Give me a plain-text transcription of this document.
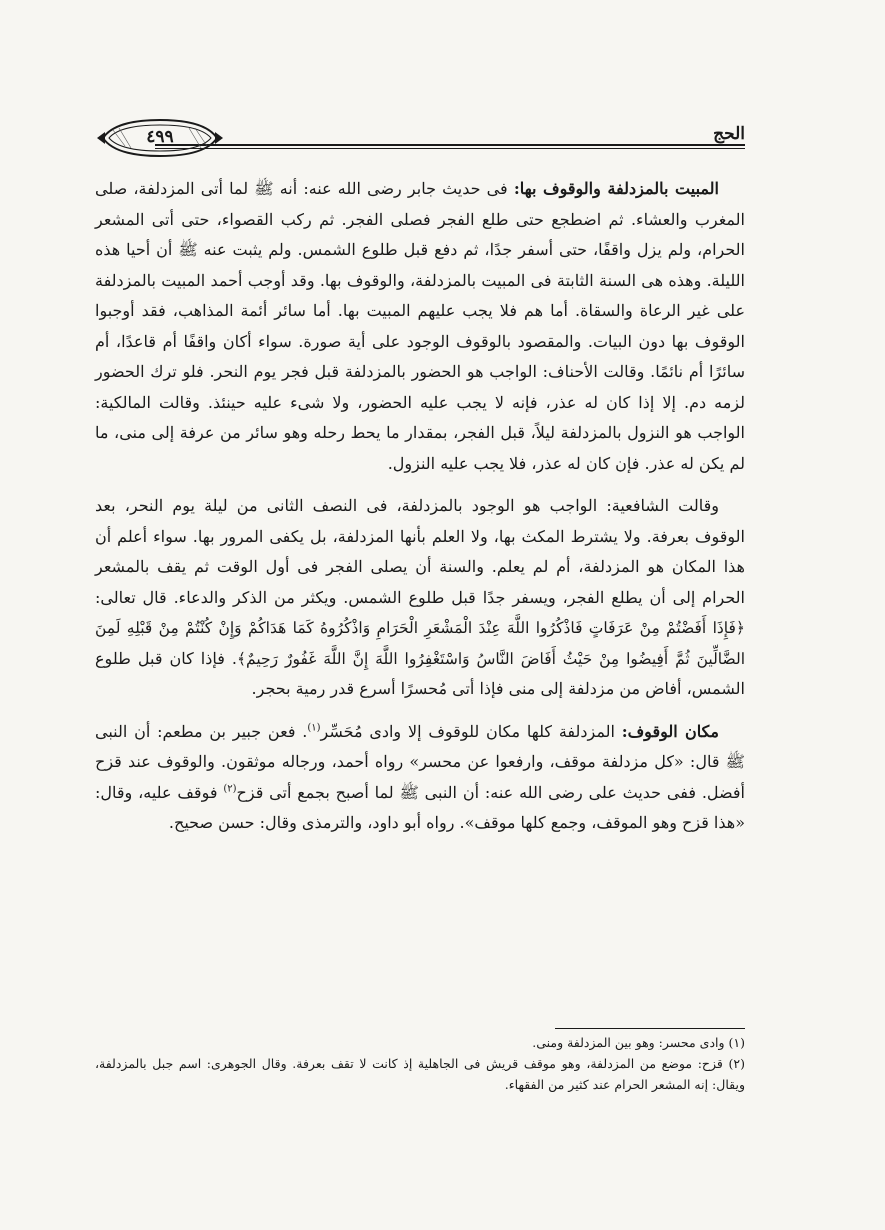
الحج
٤٩٩

المبيت بالمزدلفة والوقوف بها: فى حديث جابر رضى الله عنه: أنه ﷺ لما أتى المزدلفة، صلى المغرب والعشاء. ثم اضطجع حتى طلع الفجر فصلى الفجر. ثم ركب القصواء، حتى أتى المشعر الحرام، ولم يزل واقفًا، حتى أسفر جدًا، ثم دفع قبل طلوع الشمس. ولم يثبت عنه ﷺ أن أحيا هذه الليلة. وهذه هى السنة الثابتة فى المبيت بالمزدلفة، والوقوف بها. وقد أوجب أحمد المبيت بالمزدلفة على غير الرعاة والسقاة. أما هم فلا يجب عليهم المبيت بها. أما سائر أئمة المذاهب، فقد أوجبوا الوقوف بها دون البيات. والمقصود بالوقوف الوجود على أية صورة. سواء أكان واقفًا أم قاعدًا، أم سائرًا أم نائمًا. وقالت الأحناف: الواجب هو الحضور بالمزدلفة قبل فجر يوم النحر. فلو ترك الحضور لزمه دم. إلا إذا كان له عذر، فإنه لا يجب عليه الحضور، ولا شىء عليه حينئذ. وقالت المالكية: الواجب هو النزول بالمزدلفة ليلاً، قبل الفجر، بمقدار ما يحط رحله وهو سائر من عرفة إلى منى، ما لم يكن له عذر. فإن كان له عذر، فلا يجب عليه النزول.

وقالت الشافعية: الواجب هو الوجود بالمزدلفة، فى النصف الثانى من ليلة يوم النحر، بعد الوقوف بعرفة. ولا يشترط المكث بها، ولا العلم بأنها المزدلفة، بل يكفى المرور بها. سواء أعلم أن هذا المكان هو المزدلفة، أم لم يعلم. والسنة أن يصلى الفجر فى أول الوقت ثم يقف بالمشعر الحرام إلى أن يطلع الفجر، ويسفر جدًا قبل طلوع الشمس. ويكثر من الذكر والدعاء. قال تعالى: ﴿فَإِذَا أَفَضْتُمْ مِنْ عَرَفَاتٍ فَاذْكُرُوا اللَّهَ عِنْدَ الْمَشْعَرِ الْحَرَامِ وَاذْكُرُوهُ كَمَا هَدَاكُمْ وَإِنْ كُنْتُمْ مِنْ قَبْلِهِ لَمِنَ الضَّالِّينَ ثُمَّ أَفِيضُوا مِنْ حَيْثُ أَفَاضَ النَّاسُ وَاسْتَغْفِرُوا اللَّهَ إِنَّ اللَّهَ غَفُورٌ رَحِيمٌ﴾. فإذا كان قبل طلوع الشمس، أفاض من مزدلفة إلى منى فإذا أتى مُحسرًا أسرع قدر رمية بحجر.

مكان الوقوف: المزدلفة كلها مكان للوقوف إلا وادى مُحَسِّر$^{(١)}$. فعن جبير بن مطعم: أن النبى ﷺ قال: «كل مزدلفة موقف، وارفعوا عن محسر» رواه أحمد، ورجاله موثقون. والوقوف عند قزح أفضل. ففى حديث على رضى الله عنه: أن النبى ﷺ لما أصبح بجمع أتى قزح$^{(٢)}$ فوقف عليه، وقال: «هذا قزح وهو الموقف، وجمع كلها موقف». رواه أبو داود، والترمذى وقال: حسن صحيح.

(١) وادى محسر: وهو بين المزدلفة ومنى.

(٢) قزح: موضع من المزدلفة، وهو موقف قريش فى الجاهلية إذ كانت لا تقف بعرفة. وقال الجوهرى: اسم جبل بالمزدلفة، ويقال: إنه المشعر الحرام عند كثير من الفقهاء.
